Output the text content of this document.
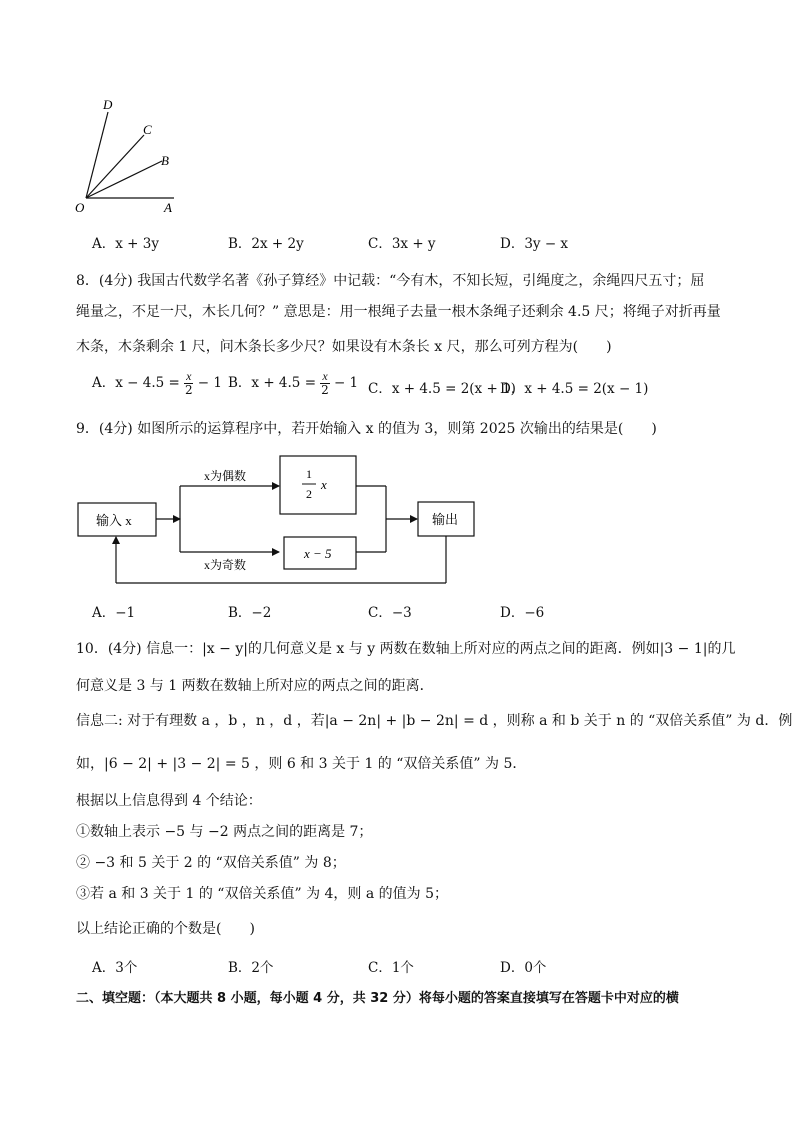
D
C
B
O	A
A．x + 3y	B．2x + 2y	C．3x + y	D．3y − x
8．(4分) 我国古代数学名著《孙子算经》中记载：“今有木，不知长短，引绳度之，余绳四尺五寸；屈
绳量之，不足一尺，木长几何？” 意思是：用一根绳子去量一根木条绳子还剩余 4.5 尺；将绳子对折再量
木条，木条剩余 1 尺，问木条长多少尺？如果设有木条长 x 尺，那么可列方程为(　　)
A．$x - 4.5 = \frac{x}{2} - 1$ B．$x + 4.5 = \frac{x}{2} - 1$ C．x + 4.5 = 2(x + 1)
D．x + 4.5 = 2(x − 1)
9．(4分) 如图所示的运算程序中，若开始输入 x 的值为 3，则第 2025 次输出的结果是(　　)
输入 x
x为偶数	1
2
x
x为奇数
x − 5
输出
A．−1	B．−2	C．−3	D．−6
10．(4分) 信息一：|x − y|的几何意义是 x 与 y 两数在数轴上所对应的两点之间的距离．例如|3 − 1|的几
何意义是 3 与 1 两数在数轴上所对应的两点之间的距离．
信息二: 对于有理数 a ，b ，n ，d ，若|a − 2n| + |b − 2n| = d ，则称 a 和 b 关于 n 的 “双倍关系值” 为 d．例
如，|6 − 2| + |3 − 2| = 5 ，则 6 和 3 关于 1 的 “双倍关系值” 为 5．
根据以上信息得到 4 个结论：
①数轴上表示 −5 与 −2 两点之间的距离是 7；
② −3 和 5 关于 2 的 “双倍关系值” 为 8；
③若 a 和 3 关于 1 的 “双倍关系值” 为 4，则 a 的值为 5；
以上结论正确的个数是(　　)
A．3个	B．2个	C．1个	D．0个
二、填空题：（本大题共 8 小题，每小题 4 分，共 32 分）将每小题的答案直接填写在答题卡中对应的横
